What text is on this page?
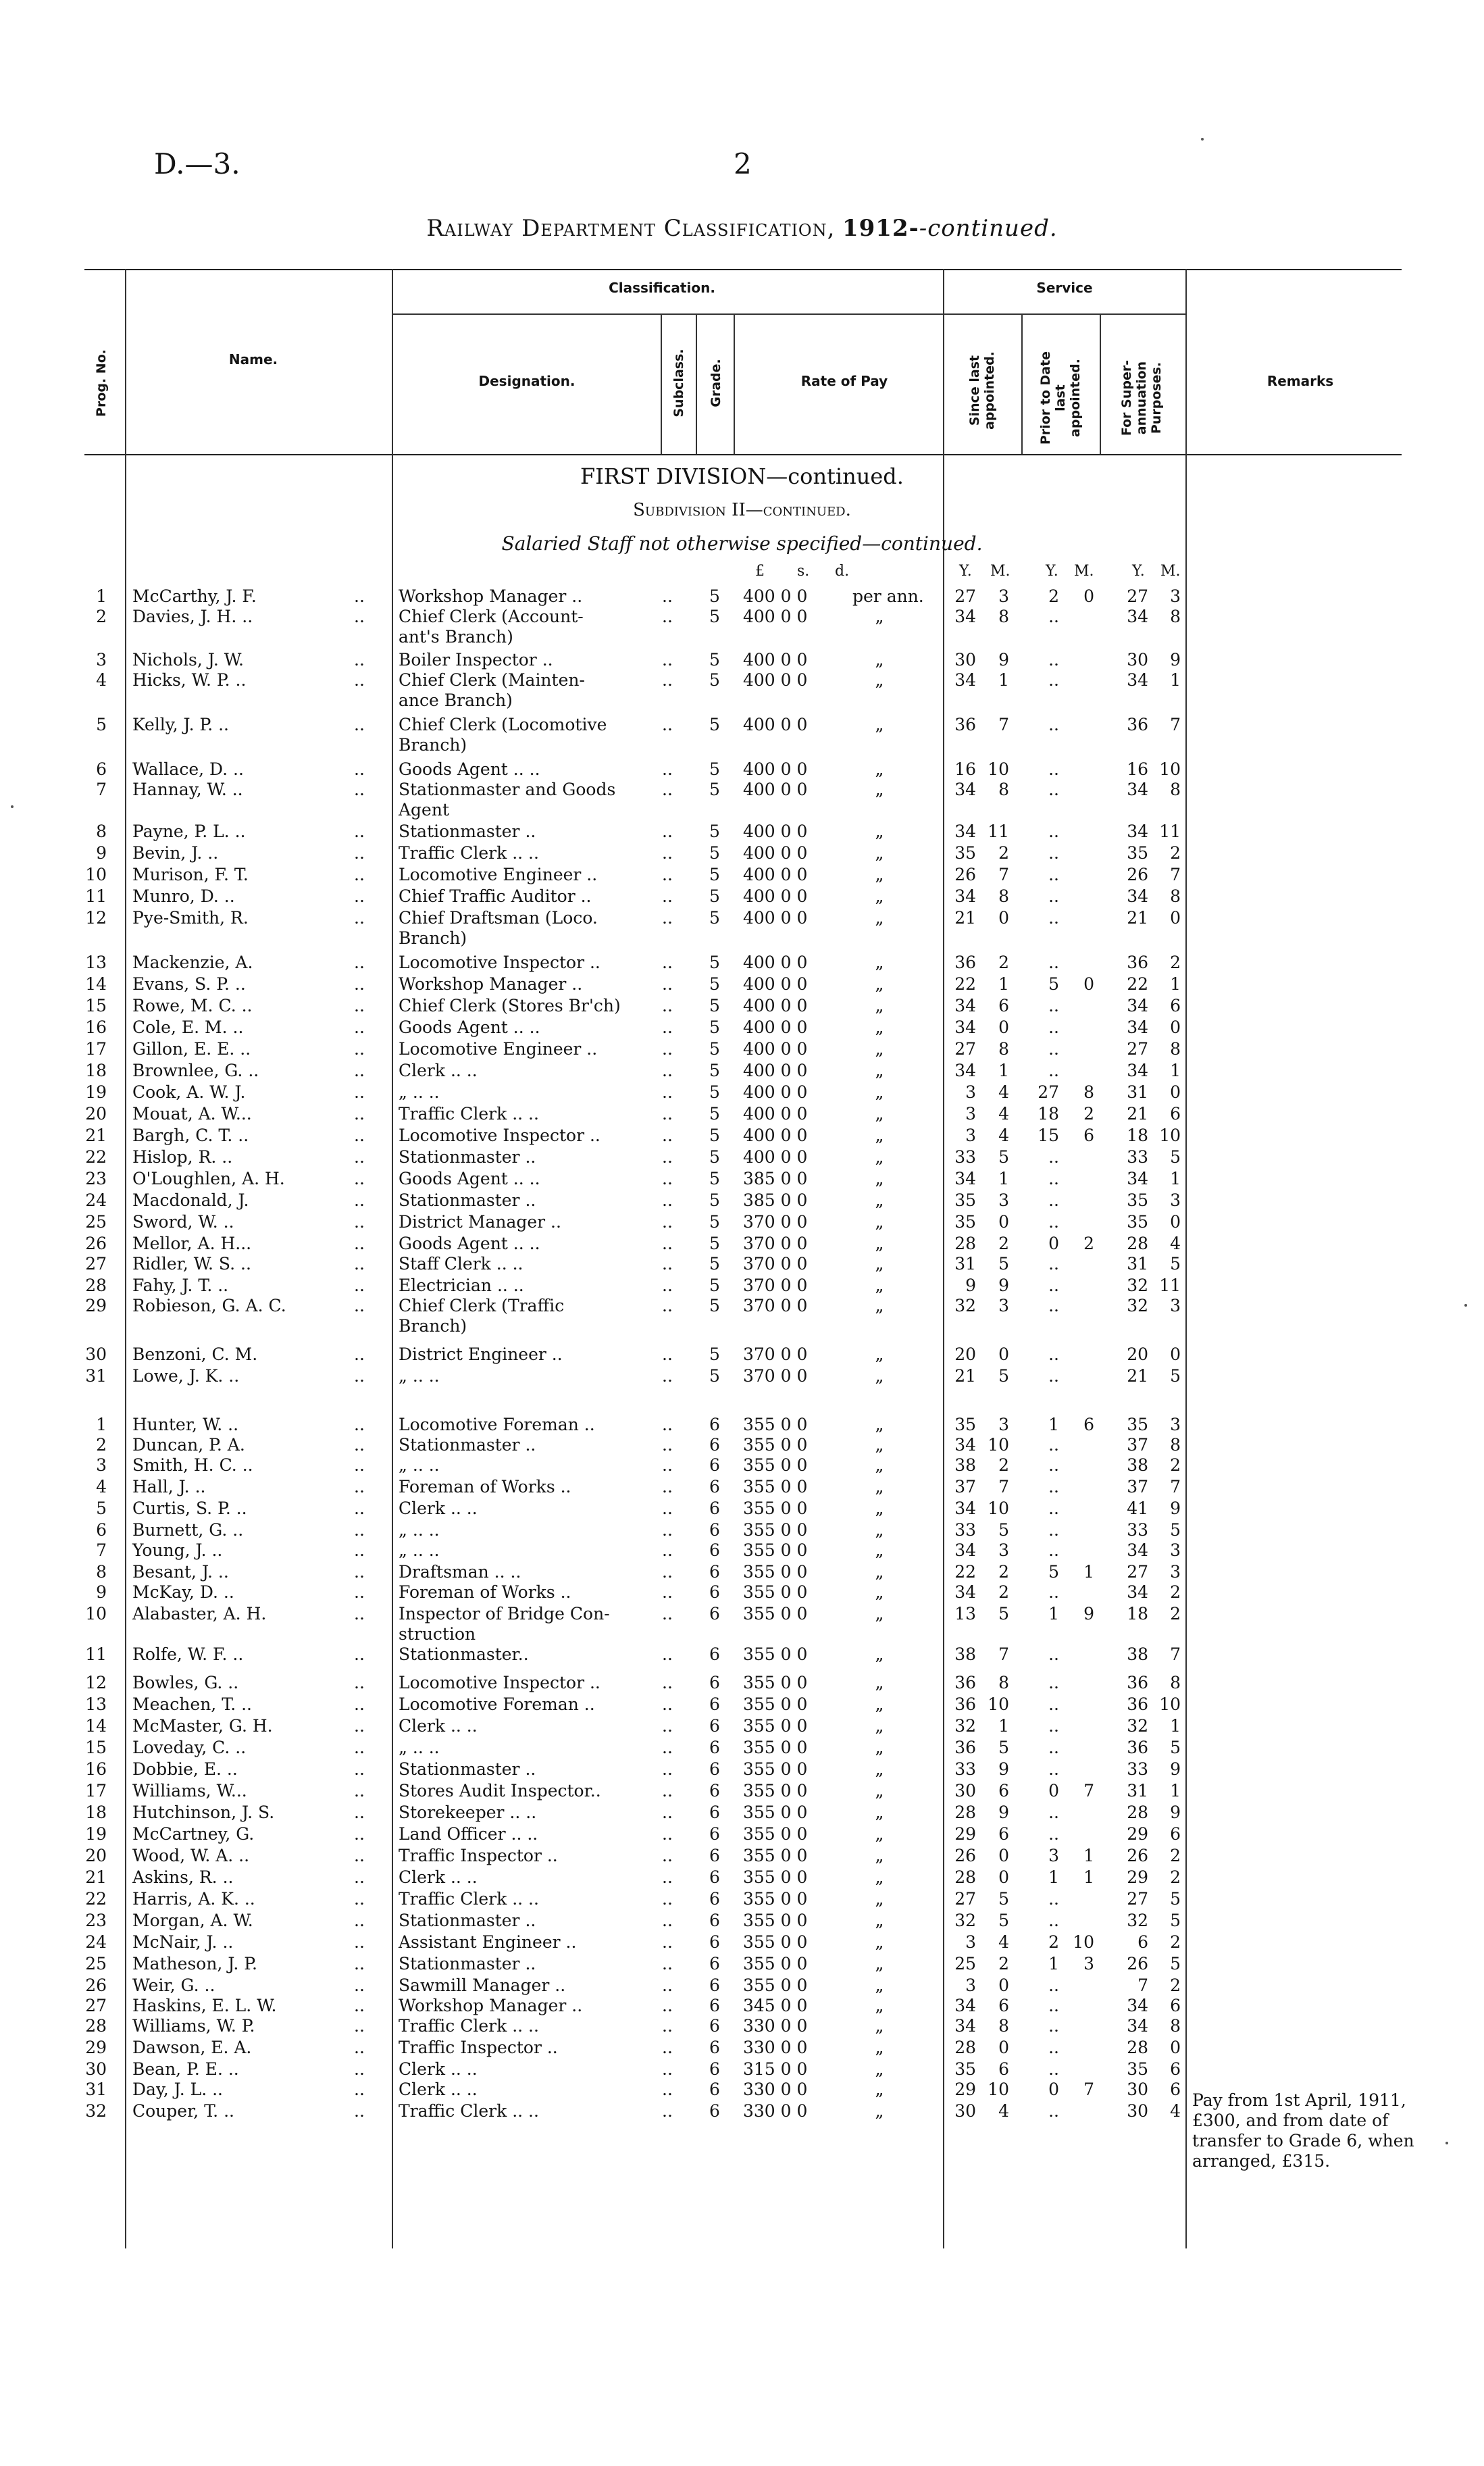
D.—3.	2
Railway Department Classification, 1912--continued.
Prog. No.	Name.
Classification.	Service
Designation.	Subclass. Grade.	Rate of Pay	Since last appointed.	Prior to Date last appointed.	For Super-annuation Purposes.	Remarks
FIRST DIVISION—continued.
Subdivision II—continued.
Salaried Staff not otherwise specified—continued.
£ s. d.	Y. M. Y. M.	Y. M.
1 McCarthy, J. F.	.. Workshop Manager ..	.. 5 400 0 0	per ann.	27	3	2	0	27	3
2 Davies, J. H. ..	.. Chief Clerk (Account-	.. 5 400 0 0	„	34	8	..	34	8
ant's Branch)
3 Nichols, J. W.	.. Boiler Inspector ..	.. 5 400 0 0	„	30	9	..	30	9
4 Hicks, W. P. ..	.. Chief Clerk (Mainten-	.. 5 400 0 0	„	34	1	..	34	1
ance Branch)
5 Kelly, J. P. ..	.. Chief Clerk (Locomotive	.. 5 400 0 0	„	36	7	..	36	7
Branch)
6 Wallace, D. ..	.. Goods Agent .. ..	.. 5 400 0 0	„	16 10	..	16 10
7 Hannay, W. ..	.. Stationmaster and Goods	.. 5 400 0 0	„	34	8	..	34	8
Agent
8 Payne, P. L. ..	.. Stationmaster ..	.. 5 400 0 0	„	34 11	..	34 11
9 Bevin, J. ..	.. Traffic Clerk .. ..	.. 5 400 0 0	„	35	2	..	35	2
10 Murison, F. T.	.. Locomotive Engineer ..	.. 5 400 0 0	„	26	7	..	26	7
11 Munro, D. ..	.. Chief Traffic Auditor ..	.. 5 400 0 0	„	34	8	..	34	8
12 Pye-Smith, R.	.. Chief Draftsman (Loco.	.. 5 400 0 0	„	21	0	..	21	0
Branch)
13 Mackenzie, A.	.. Locomotive Inspector ..	.. 5 400 0 0	„	36	2	..	36	2
14 Evans, S. P. ..	.. Workshop Manager ..	.. 5 400 0 0	„	22	1	5	0	22	1
15 Rowe, M. C. ..	.. Chief Clerk (Stores Br'ch) .. 5 400 0 0	„	34	6	..	34	6
16 Cole, E. M. ..	.. Goods Agent .. ..	.. 5 400 0 0	„	34	0	..	34	0
17 Gillon, E. E. ..	.. Locomotive Engineer ..	.. 5 400 0 0	„	27	8	..	27	8
18 Brownlee, G. ..	.. Clerk .. ..	.. 5 400 0 0	„	34	1	..	34	1
19 Cook, A. W. J.	.. „ .. ..	.. 5 400 0 0	„	3	4	27	8	31	0
20 Mouat, A. W...	.. Traffic Clerk .. ..	.. 5 400 0 0	„	3	4	18	2	21	6
21 Bargh, C. T. ..	.. Locomotive Inspector ..	.. 5 400 0 0	„	3	4	15	6	18 10
22 Hislop, R. ..	.. Stationmaster ..	.. 5 400 0 0	„	33	5	..	33	5
23 O'Loughlen, A. H.	.. Goods Agent .. ..	.. 5 385 0 0	„	34	1	..	34	1
24 Macdonald, J.	.. Stationmaster ..	.. 5 385 0 0	„	35	3	..	35	3
25 Sword, W. ..	.. District Manager ..	.. 5 370 0 0	„	35	0	..	35	0
26 Mellor, A. H...	.. Goods Agent .. ..	.. 5 370 0 0	„	28	2	0	2	28	4
27 Ridler, W. S. ..	.. Staff Clerk .. ..	.. 5 370 0 0	„	31	5	..	31	5
28 Fahy, J. T. ..	.. Electrician .. ..	.. 5 370 0 0	„	9	9	..	32 11
29 Robieson, G. A. C.	.. Chief Clerk (Traffic	.. 5 370 0 0	„	32	3	..	32	3
Branch)
30 Benzoni, C. M.	.. District Engineer ..	.. 5 370 0 0	„	20	0	..	20	0
31 Lowe, J. K. ..	.. „ .. ..	.. 5 370 0 0	„	21	5	..	21	5
1 Hunter, W. ..	.. Locomotive Foreman ..	.. 6 355 0 0	„	35	3	1	6	35	3
2 Duncan, P. A.	.. Stationmaster ..	.. 6 355 0 0	„	34 10	..	37	8
3 Smith, H. C. ..	.. „ .. ..	.. 6 355 0 0	„	38	2	..	38	2
4 Hall, J. ..	.. Foreman of Works ..	.. 6 355 0 0	„	37	7	..	37	7
5 Curtis, S. P. ..	.. Clerk .. ..	.. 6 355 0 0	„	34 10	..	41	9
6 Burnett, G. ..	.. „ .. ..	.. 6 355 0 0	„	33	5	..	33	5
7 Young, J. ..	.. „ .. ..	.. 6 355 0 0	„	34	3	..	34	3
8 Besant, J. ..	.. Draftsman .. ..	.. 6 355 0 0	„	22	2	5	1	27	3
9 McKay, D. ..	.. Foreman of Works ..	.. 6 355 0 0	„	34	2	..	34	2
10 Alabaster, A. H.	.. Inspector of Bridge Con-	.. 6 355 0 0	„	13	5	1	9	18	2
struction
11 Rolfe, W. F. ..	.. Stationmaster..	.. 6 355 0 0	„	38	7	..	38	7
12 Bowles, G. ..	.. Locomotive Inspector ..	.. 6 355 0 0	„	36	8	..	36	8
13 Meachen, T. ..	.. Locomotive Foreman ..	.. 6 355 0 0	„	36 10	..	36 10
14 McMaster, G. H.	.. Clerk .. ..	.. 6 355 0 0	„	32	1	..	32	1
15 Loveday, C. ..	.. „ .. ..	.. 6 355 0 0	„	36	5	..	36	5
16 Dobbie, E. ..	.. Stationmaster ..	.. 6 355 0 0	„	33	9	..	33	9
17 Williams, W...	.. Stores Audit Inspector..	.. 6 355 0 0	„	30	6	0	7	31	1
18 Hutchinson, J. S.	.. Storekeeper .. ..	.. 6 355 0 0	„	28	9	..	28	9
19 McCartney, G.	.. Land Officer .. ..	.. 6 355 0 0	„	29	6	..	29	6
20 Wood, W. A. ..	.. Traffic Inspector ..	.. 6 355 0 0	„	26	0	3	1	26	2
21 Askins, R. ..	.. Clerk .. ..	.. 6 355 0 0	„	28	0	1	1	29	2
22 Harris, A. K. ..	.. Traffic Clerk .. ..	.. 6 355 0 0	„	27	5	..	27	5
23 Morgan, A. W.	.. Stationmaster ..	.. 6 355 0 0	„	32	5	..	32	5
24 McNair, J. ..	.. Assistant Engineer ..	.. 6 355 0 0	„	3	4	2 10	6	2
25 Matheson, J. P.	.. Stationmaster ..	.. 6 355 0 0	„	25	2	1	3	26	5
26 Weir, G. ..	.. Sawmill Manager ..	.. 6 355 0 0	„	3	0	..	7	2
27 Haskins, E. L. W.	.. Workshop Manager ..	.. 6 345 0 0	„	34	6	..	34	6
28 Williams, W. P.	.. Traffic Clerk .. ..	.. 6 330 0 0	„	34	8	..	34	8
29 Dawson, E. A.	.. Traffic Inspector ..	.. 6 330 0 0	„	28	0	..	28	0
30 Bean, P. E. ..	.. Clerk .. ..	.. 6 315 0 0	„	35	6	..	35	6
31 Day, J. L. ..	.. Clerk .. ..	.. 6 330 0 0	„	29 10	0	7	30	6
32 Couper, T. ..	.. Traffic Clerk .. ..	.. 6 330 0 0	„	30	4	..	30	4
Pay from 1st April, 1911, £300, and from date of transfer to Grade 6, when arranged, £315.
